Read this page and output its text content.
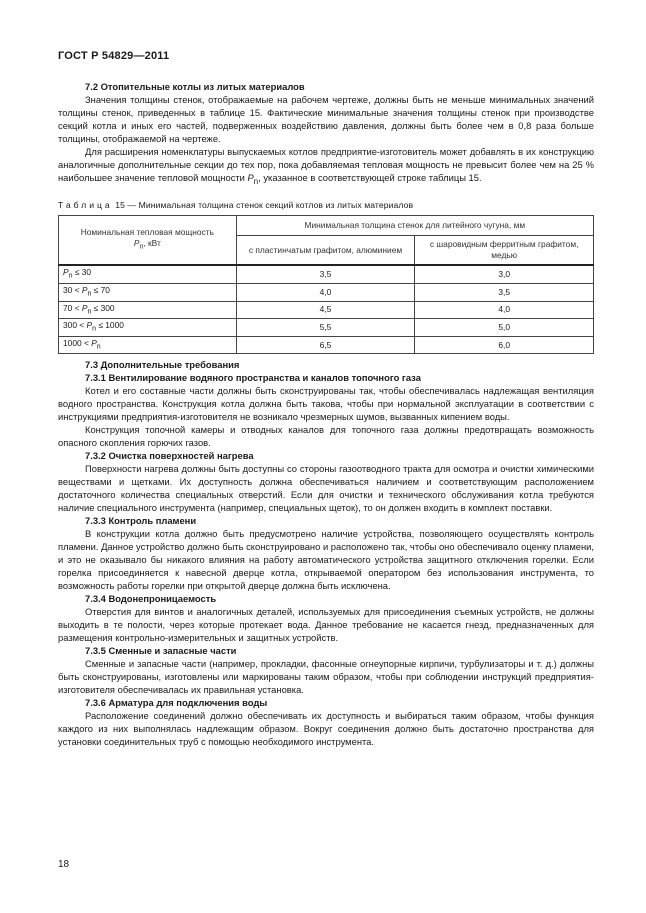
ГОСТ Р 54829—2011

7.2 Отопительные котлы из литых материалов

Значения толщины стенок, отображаемые на рабочем чертеже, должны быть не меньше минимальных значений толщины стенок, приведенных в таблице 15. Фактические минимальные значения толщины стенок при производстве секций котла и иных его частей, подверженных воздействию давления, должны быть более чем в 0,8 раза больше толщины, отображаемой на чертеже.

Для расширения номенклатуры выпускаемых котлов предприятие-изготовитель может добавлять в их конструкцию аналогичные дополнительные секции до тех пор, пока добавляемая тепловая мощность не превысит более чем на 25 % наибольшее значение тепловой мощности $P_n$, указанное в соответствующей строке таблицы 15.

Таблица 15 — Минимальная толщина стенок секций котлов из литых материалов

Номинальная тепловая мощность
$P_n$, кВт	Минимальная толщина стенок для литейного чугуна, мм	
	с пластинчатым графитом, алюминием	с шаровидным ферритным графитом, медью
$P_n \le 30$	3,5	3,0
$30 < P_n \le 70$	4,0	3,5
$70 < P_n \le 300$	4,5	4,0
$300 < P_n \le 1000$	5,5	5,0
$1000 < P_n$	6,5	6,0

7.3 Дополнительные требования

7.3.1 Вентилирование водяного пространства и каналов топочного газа

Котел и его составные части должны быть сконструированы так, чтобы обеспечивалась надлежащая вентиляция водного пространства. Конструкция котла должна быть такова, чтобы при нормальной эксплуатации в соответствии с инструкциями предприятия-изготовителя не возникало чрезмерных шумов, вызванных кипением воды.

Конструкция топочной камеры и отводных каналов для топочного газа должны предотвращать возможность опасного скопления горючих газов.

7.3.2 Очистка поверхностей нагрева

Поверхности нагрева должны быть доступны со стороны газоотводного тракта для осмотра и очистки химическими веществами и щетками. Их доступность должна обеспечиваться наличием и соответствующим расположением достаточного количества специальных отверстий. Если для очистки и технического обслуживания котла требуются наличие специального инструмента (например, специальных щеток), то он должен входить в комплект поставки.

7.3.3 Контроль пламени

В конструкции котла должно быть предусмотрено наличие устройства, позволяющего осуществлять контроль пламени. Данное устройство должно быть сконструировано и расположено так, чтобы оно обеспечивало оценку пламени, и это не оказывало бы никакого влияния на работу автоматического устройства защитного отключения горелки. Если горелка присоединяется к навесной дверце котла, открываемой оператором без использования инструмента, то возможность работы горелки при открытой дверце должна быть исключена.

7.3.4 Водонепроницаемость

Отверстия для винтов и аналогичных деталей, используемых для присоединения съемных устройств, не должны выходить в те полости, через которые протекает вода. Данное требование не касается гнезд, предназначенных для размещения контрольно-измерительных и защитных устройств.

7.3.5 Сменные и запасные части

Сменные и запасные части (например, прокладки, фасонные огнеупорные кирпичи, турбулизаторы и т. д.) должны быть сконструированы, изготовлены или маркированы таким образом, чтобы при соблюдении инструкций предприятия-изготовителя обеспечивалась их правильная установка.

7.3.6 Арматура для подключения воды

Расположение соединений должно обеспечивать их доступность и выбираться таким образом, чтобы функция каждого из них выполнялась надлежащим образом. Вокруг соединения должно быть достаточно пространства для установки соединительных труб с помощью необходимого инструмента.

18
